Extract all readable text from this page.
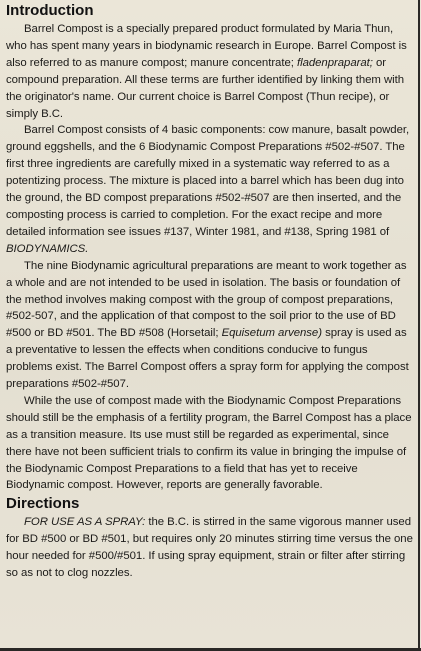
Introduction

Barrel Compost is a specially prepared product formulated by Maria Thun, who has spent many years in biodynamic research in Europe. Barrel Compost is also referred to as manure compost; manure concentrate; fladenpraparat; or compound preparation. All these terms are further identified by linking them with the originator's name. Our current choice is Barrel Compost (Thun recipe), or simply B.C.

Barrel Compost consists of 4 basic components: cow manure, basalt powder, ground eggshells, and the 6 Biodynamic Compost Preparations #502-#507. The first three ingredients are carefully mixed in a systematic way referred to as a potentizing process. The mixture is placed into a barrel which has been dug into the ground, the BD compost preparations #502-#507 are then inserted, and the composting process is carried to completion. For the exact recipe and more detailed information see issues #137, Winter 1981, and #138, Spring 1981 of BIODYNAMICS.

The nine Biodynamic agricultural preparations are meant to work together as a whole and are not intended to be used in isolation. The basis or foundation of the method involves making compost with the group of compost preparations, #502-507, and the application of that compost to the soil prior to the use of BD #500 or BD #501. The BD #508 (Horsetail; Equisetum arvense) spray is used as a preventative to lessen the effects when conditions conducive to fungus problems exist. The Barrel Compost offers a spray form for applying the compost preparations #502-#507.

While the use of compost made with the Biodynamic Compost Preparations should still be the emphasis of a fertility program, the Barrel Compost has a place as a transition measure. Its use must still be regarded as experimental, since there have not been sufficient trials to confirm its value in bringing the impulse of the Biodynamic Compost Preparations to a field that has yet to receive Biodynamic compost. However, reports are generally favorable.

Directions

FOR USE AS A SPRAY: the B.C. is stirred in the same vigorous manner used for BD #500 or BD #501, but requires only 20 minutes stirring time versus the one hour needed for #500/#501. If using spray equipment, strain or filter after stirring so as not to clog nozzles.
